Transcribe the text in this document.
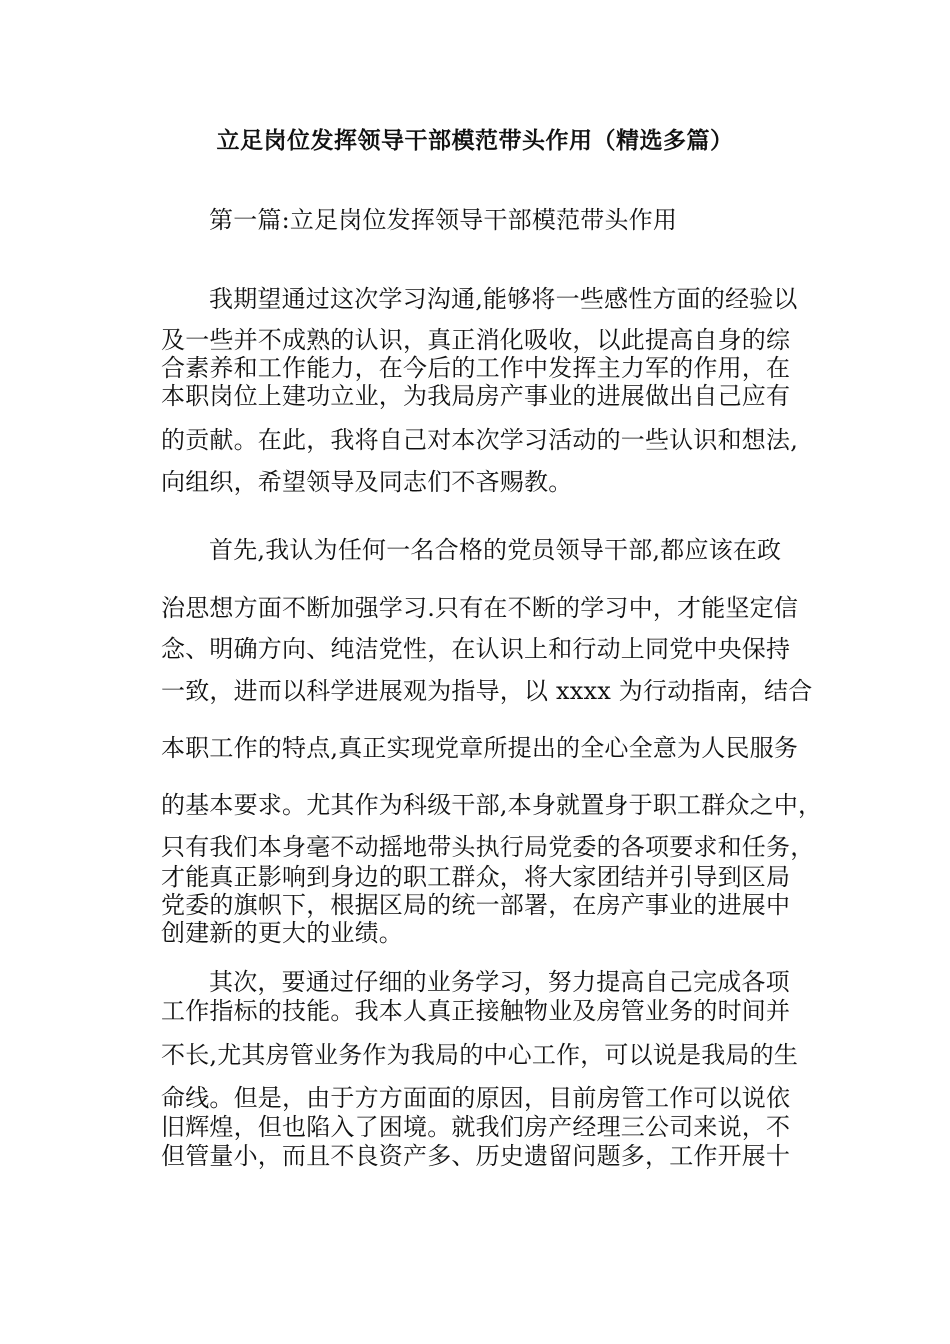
立足岗位发挥领导干部模范带头作用（精选多篇）
第一篇:立足岗位发挥领导干部模范带头作用
我期望通过这次学习沟通,能够将一些感性方面的经验以
及一些并不成熟的认识，真正消化吸收，以此提高自身的综
合素养和工作能力，在今后的工作中发挥主力军的作用，在
本职岗位上建功立业，为我局房产事业的进展做出自己应有
的贡献。在此，我将自己对本次学习活动的一些认识和想法,
向组织，希望领导及同志们不吝赐教。
首先,我认为任何一名合格的党员领导干部,都应该在政
治思想方面不断加强学习.只有在不断的学习中，才能坚定信
念、明确方向、纯洁党性，在认识上和行动上同党中央保持
一致，进而以科学进展观为指导，以 xxxx 为行动指南，结合
本职工作的特点,真正实现党章所提出的全心全意为人民服务
的基本要求。尤其作为科级干部,本身就置身于职工群众之中，
只有我们本身毫不动摇地带头执行局党委的各项要求和任务，
才能真正影响到身边的职工群众，将大家团结并引导到区局
党委的旗帜下，根据区局的统一部署，在房产事业的进展中
创建新的更大的业绩。
其次，要通过仔细的业务学习，努力提高自己完成各项
工作指标的技能。我本人真正接触物业及房管业务的时间并
不长,尤其房管业务作为我局的中心工作，可以说是我局的生
命线。但是，由于方方面面的原因，目前房管工作可以说依
旧辉煌，但也陷入了困境。就我们房产经理三公司来说，不
但管量小，而且不良资产多、历史遗留问题多，工作开展十
